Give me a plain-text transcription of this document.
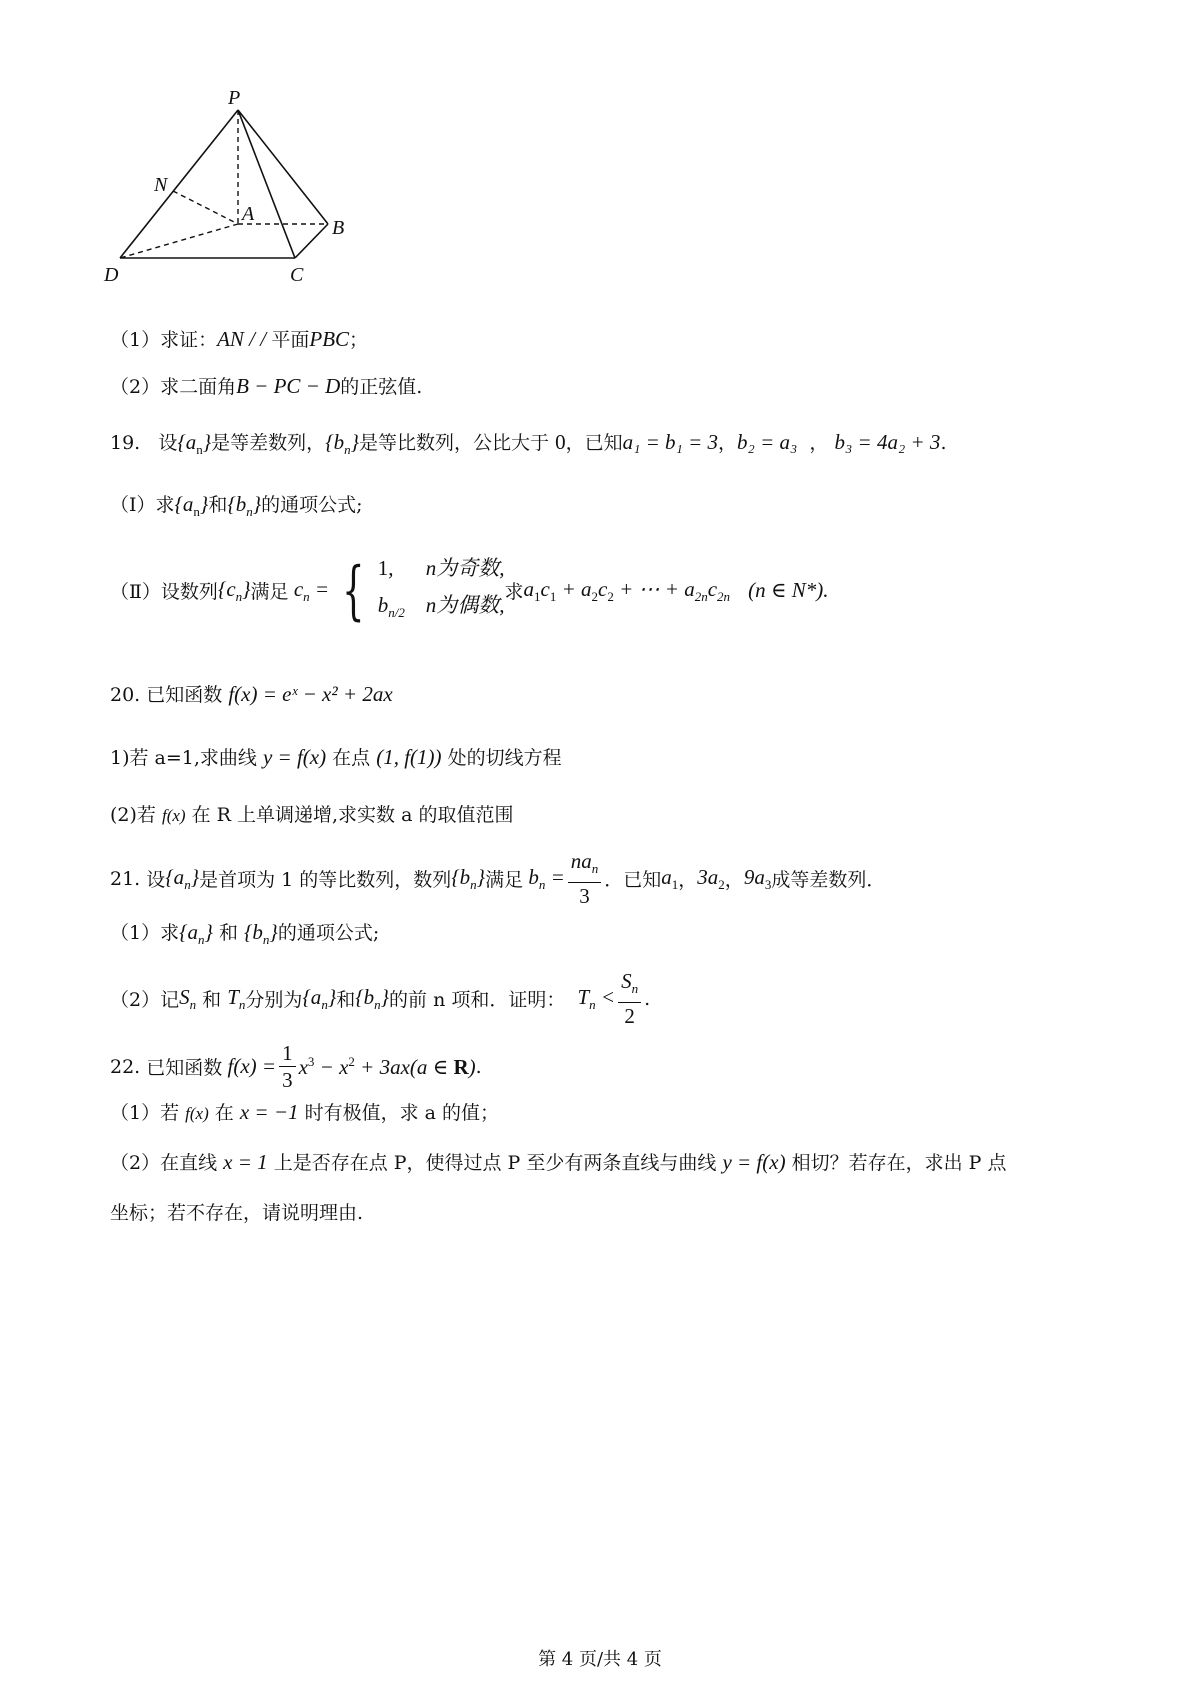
P
N
A
B
D	C
（1）求证：AN / / 平面PBC；
（2）求二面角B − PC − D的正弦值.
19. 设$\{a_n\}$是等差数列，$\{b_n\}$是等比数列，公比大于 0，已知a₁ = b₁ = 3，b₂ = a₃ ， b₃ = 4a₂ + 3.
（Ⅰ）求$\{a_n\}$和$\{b_n\}$的通项公式;
（Ⅱ）设数列 $\{c_n\}$ 满足 $c_n$ = { 1, n为奇数,
$b_{n/2}$ n为偶数,
求 $a_1c_1 + a_2c_2$ + ⋯ + $a_{2n}c_{2n}$
(n ∈ N*).
20. 已知函数 f(x) = eˣ − x² + 2ax
1)若 a=1,求曲线 y = f(x) 在点 (1, f(1)) 处的切线方程
(2)若 f(x) 在 R 上单调递增,求实数 a 的取值范围
21.
设 $\{a_n\}$ 是首项为 1 的等比数列，数列 $\{b_n\}$ 满足 $b_n = \frac{na_n}{3}$ ．已知 $a_1$ ， $3a_2$ ， $9a_3$ 成等差数列．
（1）求$\{a_n\}$ 和 $\{b_n\}$的通项公式;
（2）记 $S_n$
和
$T_n$ 分别为 $\{a_n\}$ 和 $\{b_n\}$ 的前 n 项和．证明：
$T_n < \frac{S_n}{2}$ .
22.
已知函数 $f(x) = \frac{1}{3} x^3 - x^2 + 3ax(a$ ∈ R) .
（1）若 f(x) 在 x = −1 时有极值，求 a 的值；
（2）在直线 x = 1 上是否存在点 P，使得过点 P 至少有两条直线与曲线 y = f(x) 相切？若存在，求出 P 点
坐标；若不存在，请说明理由.
第 4 页/共 4 页
